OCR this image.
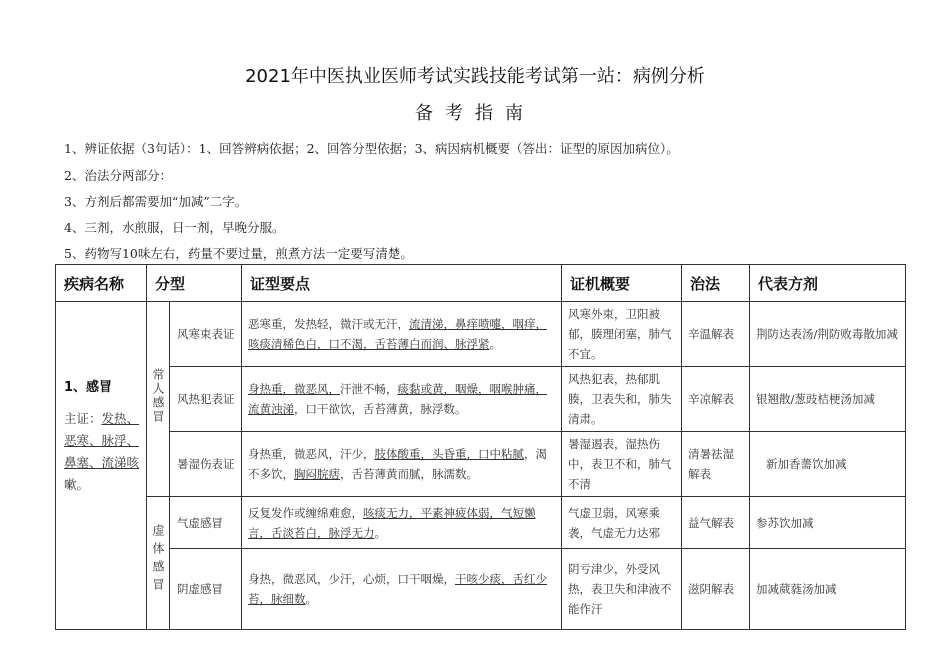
2021年中医执业医师考试实践技能考试第一站：病例分析
备考指南
1、辨证依据（3句话）：1、回答辨病依据；2、回答分型依据；3、病因病机概要（答出：证型的原因加病位）。
2、治法分两部分：
3、方剂后都需要加“加减”二字。
4、三剂，水煎服，日一剂，早晚分服。
5、药物写10味左右，药量不要过量，煎煮方法一定要写清楚。
疾病名称	分型		证型要点	证机概要	治法	代表方剂

1、感冒
主证：发热、
恶寒、脉浮、
鼻塞、流涕咳
嗽。	常人感冒	风寒束表证	恶寒重，发热轻，微汗或无汗，流清涕，鼻痒喷嚏，咽痒，咳痰清稀色白，口不渴，舌苔薄白而润、脉浮紧。	风寒外束，卫阳被郁，腠理闭塞，肺气不宜。	辛温解表	荆防达表汤/荆防败毒散加减
		风热犯表证	身热重，微恶风，汗泄不畅，痰黏或黄，咽燥，咽喉肿痛，流黄浊涕，口干欲饮，舌苔薄黄，脉浮数。	风热犯表，热郁肌腠，卫表失和，肺失清肃。	辛凉解表	银翘散/葱豉桔梗汤加减
		暑湿伤表证	身热重，微恶风，汗少，肢体酸重，头昏重，口中粘腻，渴不多饮，胸闷脘痞，舌苔薄黄而腻，脉濡数。	暑湿遏表，湿热伤中，表卫不和，肺气不清	清暑祛湿解表	新加香薷饮加减
	虚体感冒	气虚感冒	反复发作或缠绵难愈，咳痰无力，平素神疲体弱，气短懒言，舌淡苔白，脉浮无力。	气虚卫弱，风寒乘袭，气虚无力达邪	益气解表	参苏饮加减
		阴虚感冒	身热，微恶风，少汗，心烦，口干咽燥，干咳少痰，舌红少苔，脉细数。	阴亏津少，外受风热，表卫失和津液不能作汗	滋阴解表	加减葳蕤汤加减
